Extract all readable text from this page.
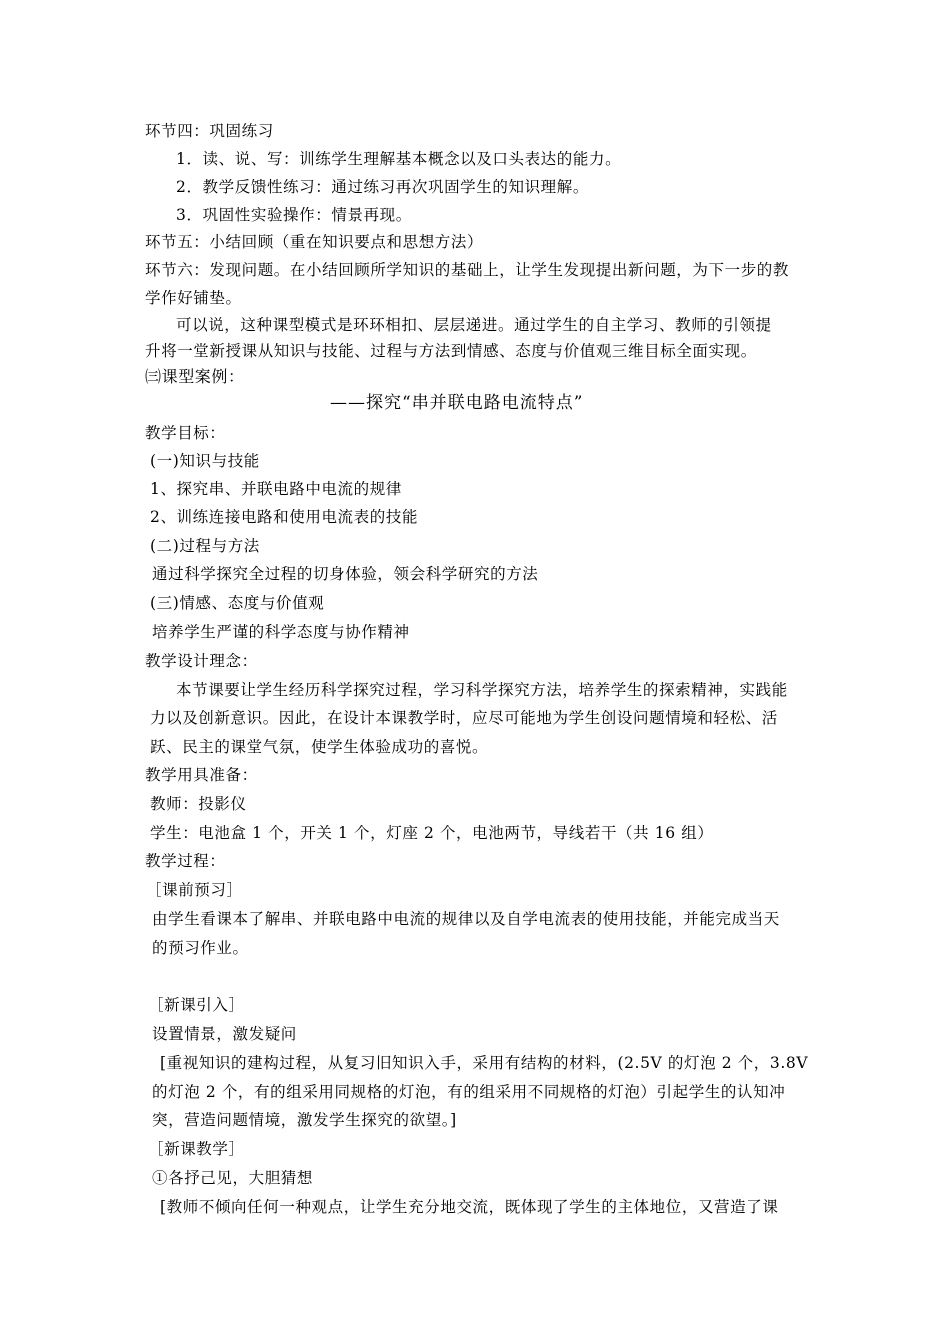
环节四：巩固练习
1．读、说、写：训练学生理解基本概念以及口头表达的能力。
2．教学反馈性练习：通过练习再次巩固学生的知识理解。
3．巩固性实验操作：情景再现。
环节五：小结回顾（重在知识要点和思想方法）
环节六：发现问题。在小结回顾所学知识的基础上，让学生发现提出新问题，为下一步的教
学作好铺垫。
可以说，这种课型模式是环环相扣、层层递进。通过学生的自主学习、教师的引领提
升将一堂新授课从知识与技能、过程与方法到情感、态度与价值观三维目标全面实现。
㈢课型案例：
——探究“串并联电路电流特点”
教学目标：
(一)知识与技能
1、探究串、并联电路中电流的规律
2、训练连接电路和使用电流表的技能
(二)过程与方法
通过科学探究全过程的切身体验，领会科学研究的方法
(三)情感、态度与价值观
培养学生严谨的科学态度与协作精神
教学设计理念：
本节课要让学生经历科学探究过程，学习科学探究方法，培养学生的探索精神，实践能
力以及创新意识。因此，在设计本课教学时，应尽可能地为学生创设问题情境和轻松、活
跃、民主的课堂气氛，使学生体验成功的喜悦。
教学用具准备：
教师：投影仪
学生：电池盒 1 个，开关 1 个，灯座 2 个，电池两节，导线若干（共 16 组）
教学过程：
［课前预习］
由学生看课本了解串、并联电路中电流的规律以及自学电流表的使用技能，并能完成当天
的预习作业。
［新课引入］
设置情景，激发疑问
[重视知识的建构过程，从复习旧知识入手，采用有结构的材料，(2.5V 的灯泡 2 个，3.8V
的灯泡 2 个，有的组采用同规格的灯泡，有的组采用不同规格的灯泡）引起学生的认知冲
突，营造问题情境，激发学生探究的欲望。]
［新课教学］
①各抒己见，大胆猜想
[教师不倾向任何一种观点，让学生充分地交流，既体现了学生的主体地位，又营造了课
